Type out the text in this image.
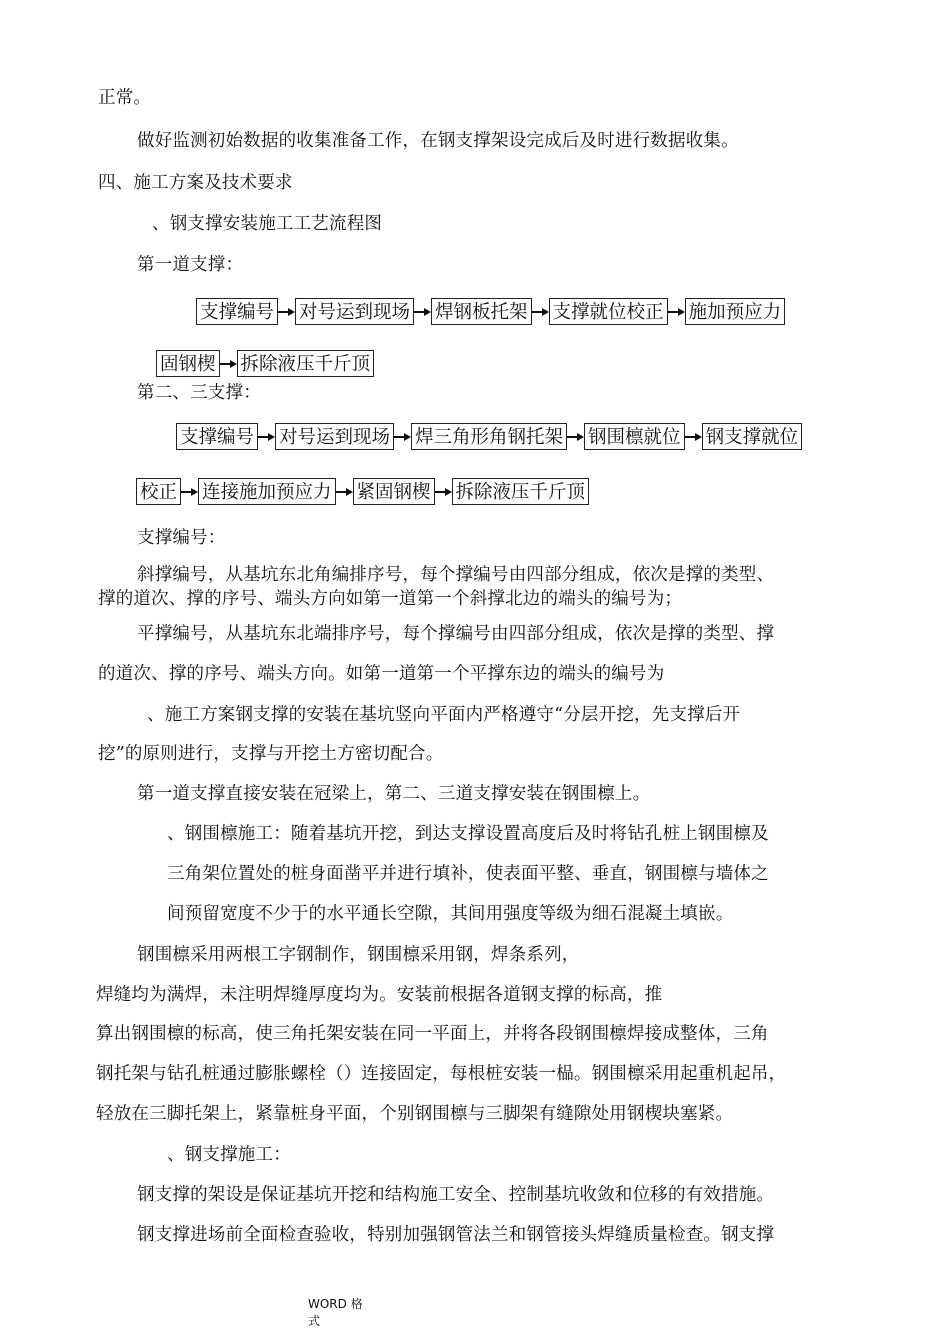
正常。
做好监测初始数据的收集准备工作，在钢支撑架设完成后及时进行数据收集。
四、施工方案及技术要求
、钢支撑安装施工工艺流程图
第一道支撑：
支撑编号 对号运到现场 焊钢板托架 支撑就位校正 施加预应力
固钢楔 拆除液压千斤顶
第二、三支撑：
支撑编号 对号运到现场 焊三角形角钢托架 钢围檩就位 钢支撑就位
校正 连接施加预应力 紧固钢楔 拆除液压千斤顶
支撑编号：
斜撑编号，从基坑东北角编排序号，每个撑编号由四部分组成，依次是撑的类型、
撑的道次、撑的序号、端头方向如第一道第一个斜撑北边的端头的编号为；
平撑编号，从基坑东北端排序号，每个撑编号由四部分组成，依次是撑的类型、撑
的道次、撑的序号、端头方向。如第一道第一个平撑东边的端头的编号为
、施工方案钢支撑的安装在基坑竖向平面内严格遵守“分层开挖，先支撑后开
挖”的原则进行，支撑与开挖土方密切配合。
第一道支撑直接安装在冠梁上，第二、三道支撑安装在钢围檩上。
、钢围檩施工：随着基坑开挖，到达支撑设置高度后及时将钻孔桩上钢围檩及
三角架位置处的桩身面凿平并进行填补，使表面平整、垂直，钢围檩与墙体之
间预留宽度不少于的水平通长空隙，其间用强度等级为细石混凝土填嵌。
钢围檩采用两根工字钢制作，钢围檩采用钢，焊条系列，
焊缝均为满焊，未注明焊缝厚度均为。安装前根据各道钢支撑的标高，推
算出钢围檩的标高，使三角托架安装在同一平面上，并将各段钢围檩焊接成整体，三角
钢托架与钻孔桩通过膨胀螺栓（）连接固定，每根桩安装一榀。钢围檩采用起重机起吊，
轻放在三脚托架上，紧靠桩身平面，个别钢围檩与三脚架有缝隙处用钢楔块塞紧。
、钢支撑施工：
钢支撑的架设是保证基坑开挖和结构施工安全、控制基坑收敛和位移的有效措施。
钢支撑进场前全面检查验收，特别加强钢管法兰和钢管接头焊缝质量检查。钢支撑
WORD 格
式
